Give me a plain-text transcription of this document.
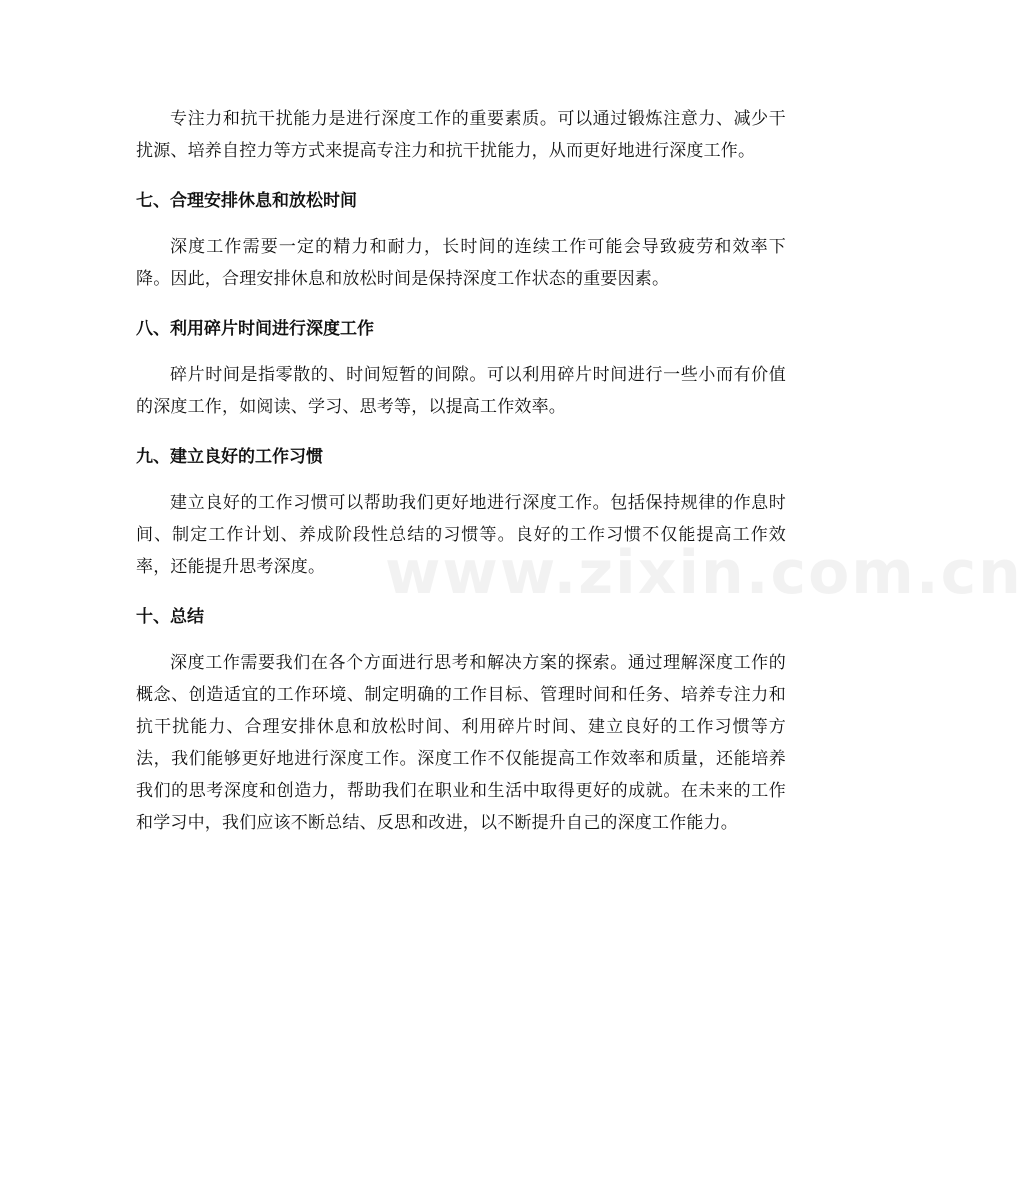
专注力和抗干扰能力是进行深度工作的重要素质。可以通过锻炼注意力、减少干扰源、培养自控力等方式来提高专注力和抗干扰能力，从而更好地进行深度工作。

七、合理安排休息和放松时间

深度工作需要一定的精力和耐力，长时间的连续工作可能会导致疲劳和效率下降。因此，合理安排休息和放松时间是保持深度工作状态的重要因素。

八、利用碎片时间进行深度工作

碎片时间是指零散的、时间短暂的间隙。可以利用碎片时间进行一些小而有价值的深度工作，如阅读、学习、思考等，以提高工作效率。

九、建立良好的工作习惯

建立良好的工作习惯可以帮助我们更好地进行深度工作。包括保持规律的作息时间、制定工作计划、养成阶段性总结的习惯等。良好的工作习惯不仅能提高工作效率，还能提升思考深度。

十、总结

深度工作需要我们在各个方面进行思考和解决方案的探索。通过理解深度工作的概念、创造适宜的工作环境、制定明确的工作目标、管理时间和任务、培养专注力和抗干扰能力、合理安排休息和放松时间、利用碎片时间、建立良好的工作习惯等方法，我们能够更好地进行深度工作。深度工作不仅能提高工作效率和质量，还能培养我们的思考深度和创造力，帮助我们在职业和生活中取得更好的成就。在未来的工作和学习中，我们应该不断总结、反思和改进，以不断提升自己的深度工作能力。

www.zixin.com.cn
